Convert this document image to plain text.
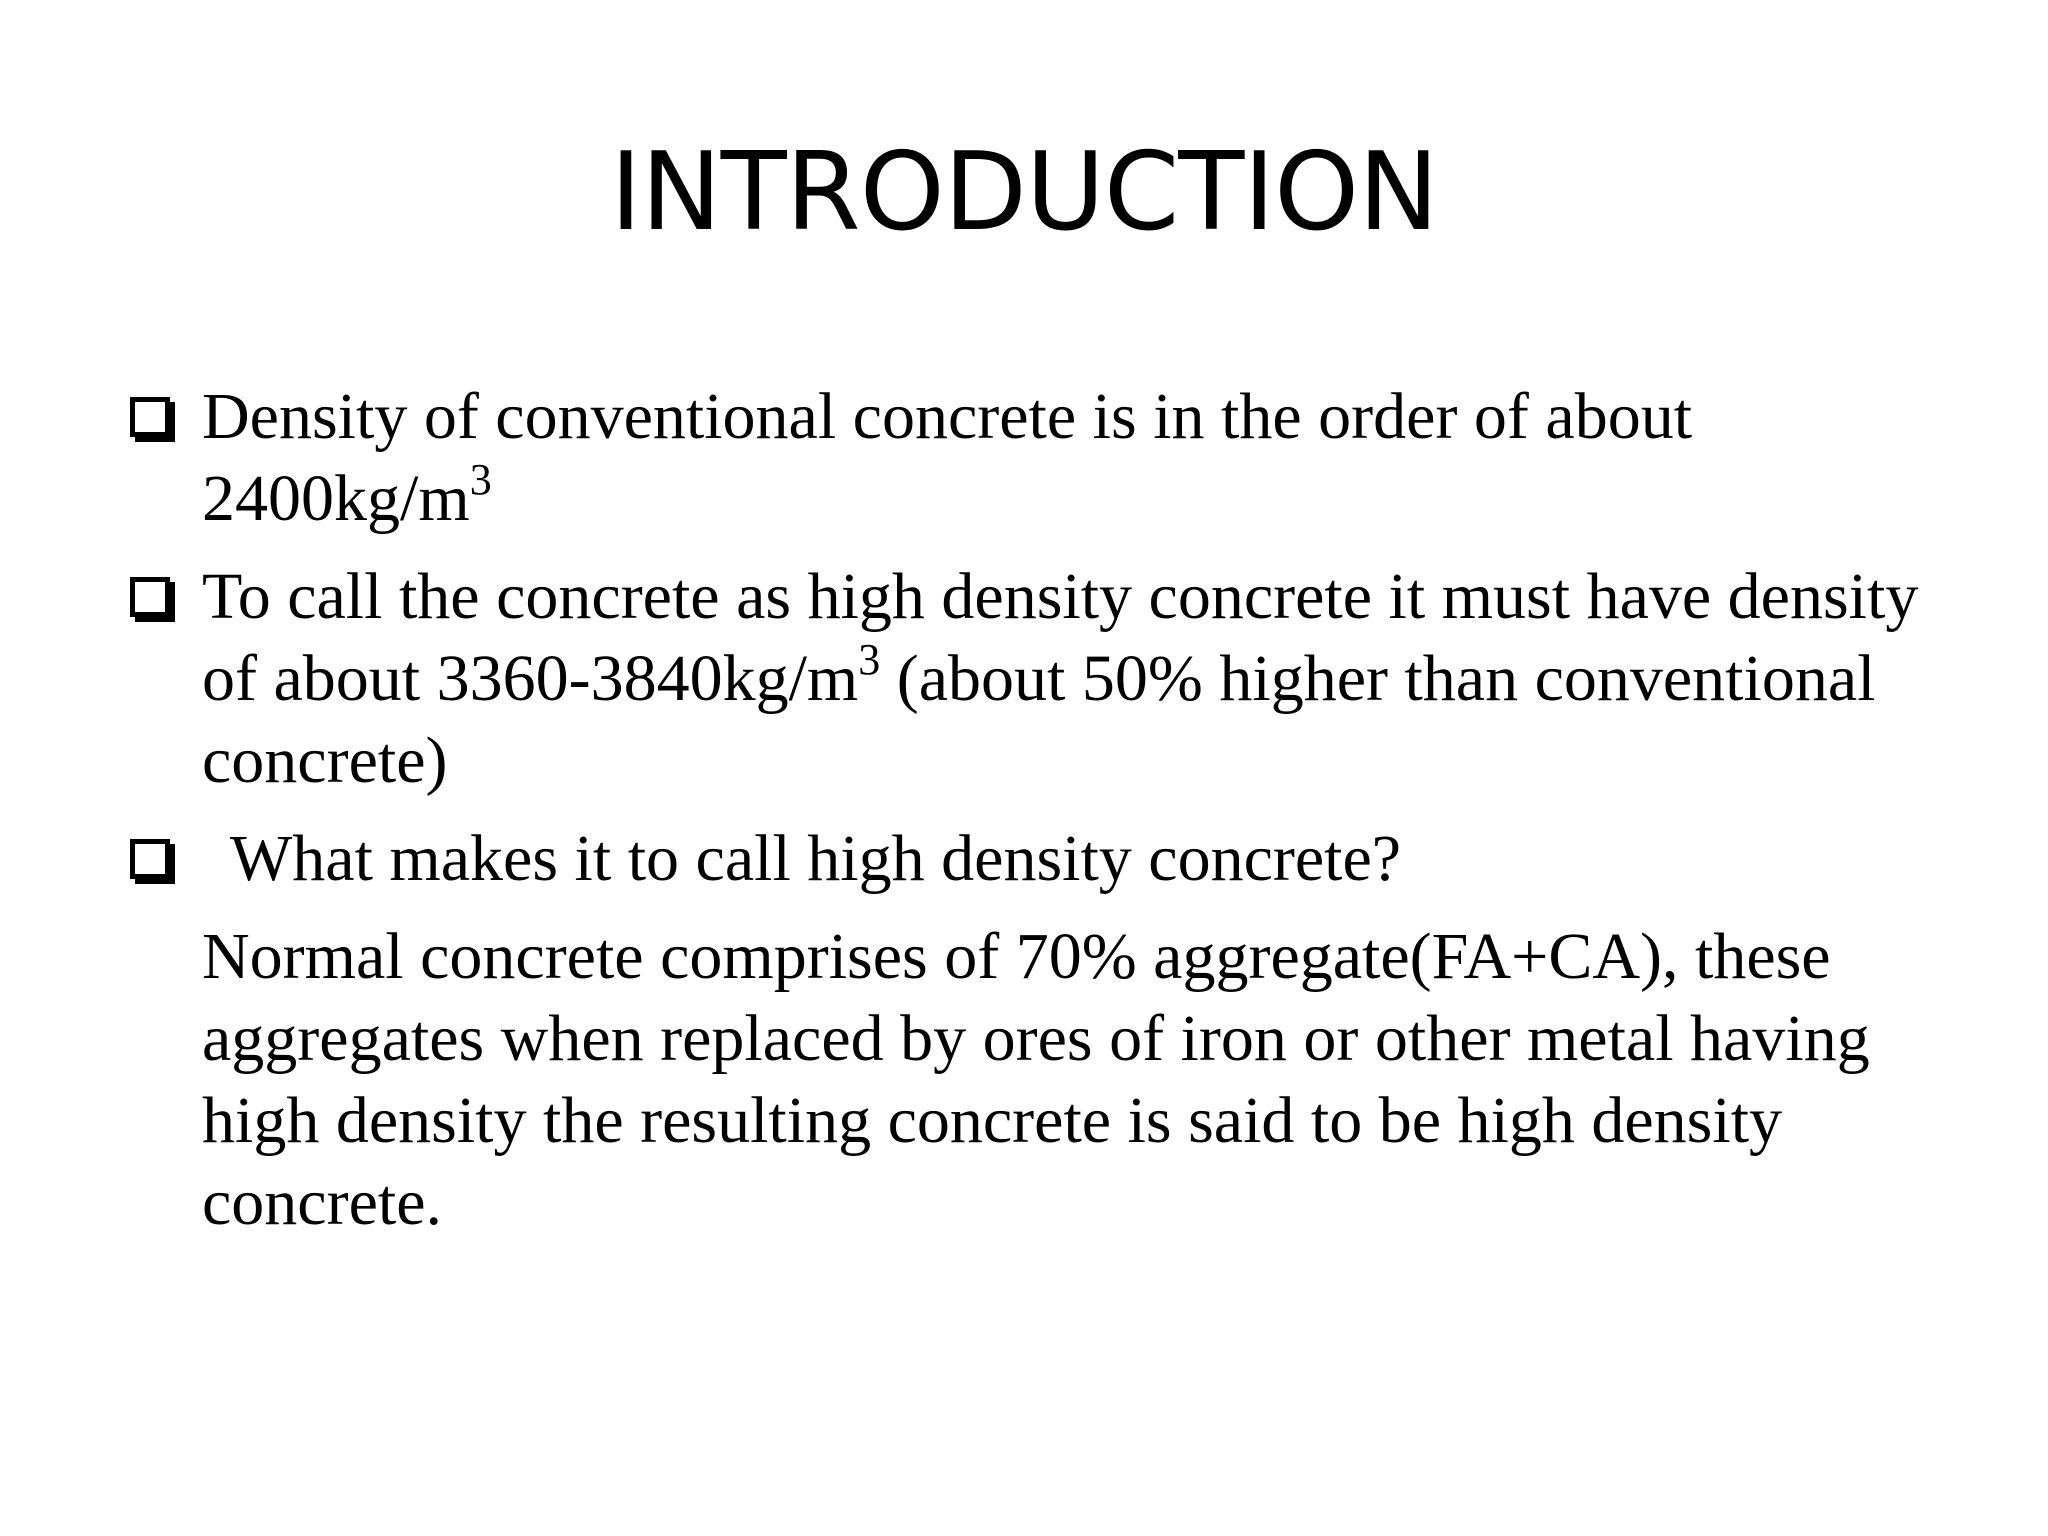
INTRODUCTION
Density of conventional concrete is in the order of about $2400kg/m^3$
To call the concrete as high density concrete it must have density of about $3360-3840kg/m^3$ (about 50% higher than conventional concrete)
What makes it to call high density concrete?
Normal concrete comprises of 70% aggregate(FA+CA), these aggregates when replaced by ores of iron or other metal having high density the resulting concrete is said to be high density concrete.
